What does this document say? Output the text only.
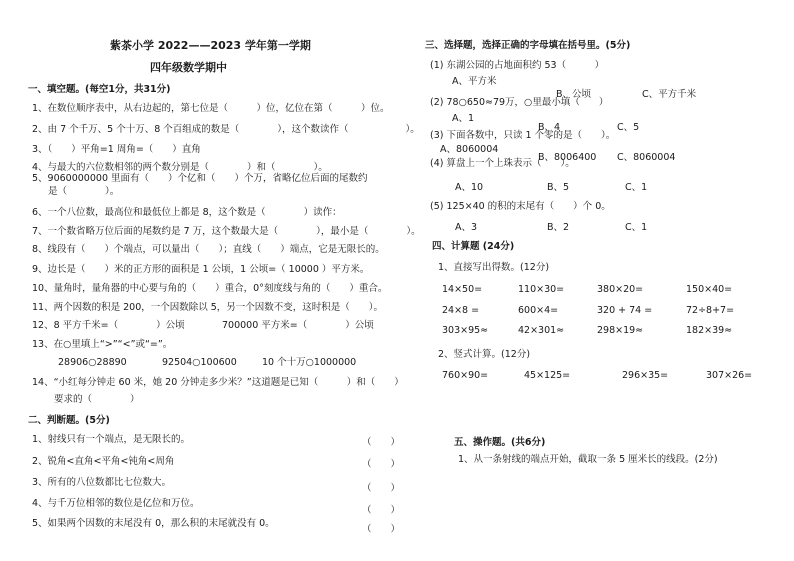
紫茶小学 2022——2023 学年第一学期
四年级数学期中
一、填空题。(每空1分，共31分)
1、在数位顺序表中，从右边起的，第七位是（　　　）位，亿位在第（　　　）位。
2、由 7 个千万、5 个十万、8 个百组成的数是（　　　　），这个数读作（　　　　　　）。
3、（　　）平角=1 周角=（　　）直角
4、与最大的六位数相邻的两个数分别是（　　　　）和（　　　　）。
5、9060000000 里面有（　　）个亿和（　　）个万，省略亿位后面的尾数约
是（　　　　）。
6、一个八位数，最高位和最低位上都是 8，这个数是（　　　　）读作：
7、一个数省略万位后面的尾数约是 7 万，这个数最大是（　　　　），最小是（　　　　）。
8、线段有（　　）个端点，可以量出（　　）；直线（　　）端点，它是无限长的。
9、边长是（　　）米的正方形的面积是 1 公顷，1 公顷=（ 10000 ）平方米。
10、量角时，量角器的中心要与角的（　　）重合，0°刻度线与角的（　　）重合。
11、两个因数的积是 200，一个因数除以 5，另一个因数不变，这时积是（　　）。
12、8 平方千米=（　　　　）公顷	700000 平方米=（　　　　）公顷
13、在○里填上“>”“<”或“=”。
28906○28890	92504○100600	10 个十万○1000000
14、“小红每分钟走 60 米，她 20 分钟走多少米？”这道题是已知（　　　）和（　　）
要求的（　　　　）
二、判断题。(5分)
1、射线只有一个端点，是无限长的。	（　　）
2、锐角<直角<平角<钝角<周角	（　　）
3、所有的八位数都比七位数大。
（　　）
4、与千万位相邻的数位是亿位和万位。
（　　）
5、如果两个因数的末尾没有 0，那么积的末尾就没有 0。
（　　）
三、选择题，选择正确的字母填在括号里。(5分)
(1) 东湖公园的占地面积约 53（　　　）
A、平方米
B、公顷	C、平方千米
(2) 78○650≈79万，○里最小填（　　）
A、1
B、4	C、5
(3) 下面各数中，只读 1 个零的是（　　）。
A、8060004
B、8006400 C、8060004
(4) 算盘上一个上珠表示（　　）。
A、10	B、5	C、1
(5) 125×40 的积的末尾有（　　）个 0。
A、3	B、2	C、1
四、计算题 (24分)
1、直接写出得数。(12分)
14×50=	110×30=	380×20=	150×40=
24×8 =	600×4=	320 + 74 =	72÷8+7=
303×95≈	42×301≈	298×19≈	182×39≈
2、竖式计算。(12分)
760×90=	45×125=	296×35=	307×26=
五、操作题。(共6分)
1、从一条射线的端点开始，截取一条 5 厘米长的线段。(2分)
